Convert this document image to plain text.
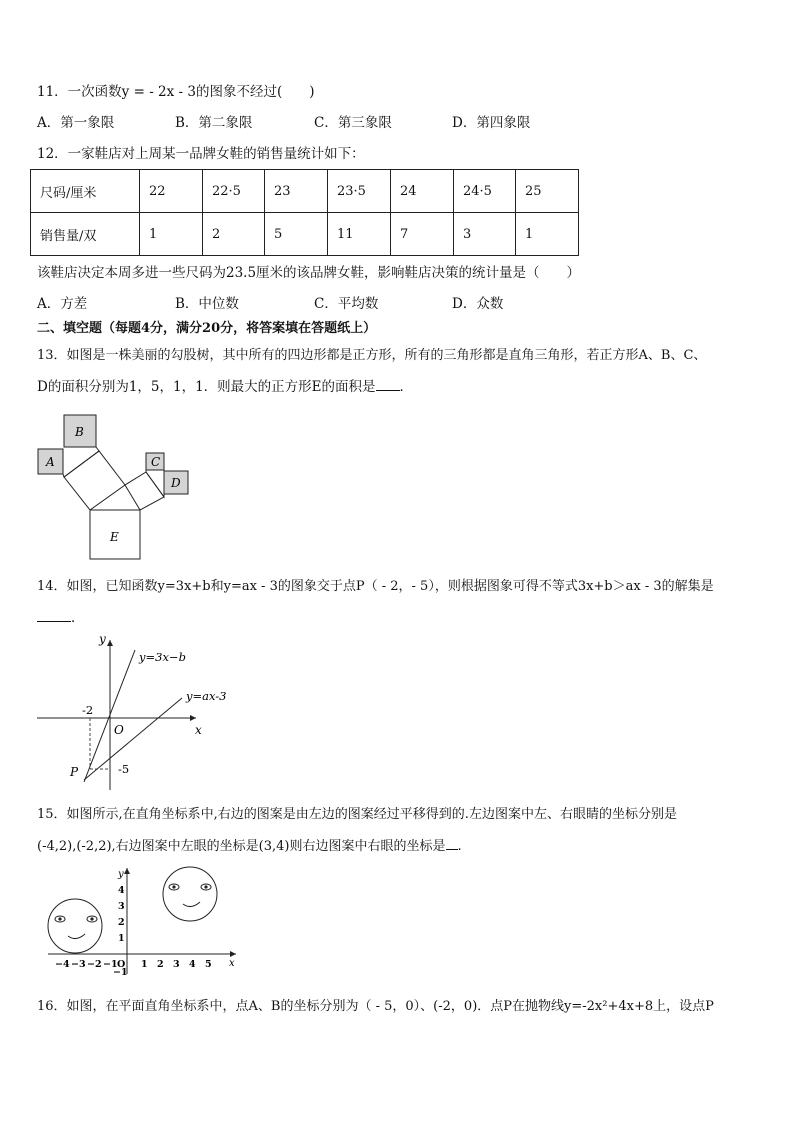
11．一次函数y = - 2x - 3的图象不经过(　　)
A．第一象限	B．第二象限	C．第三象限	D．第四象限
12．一家鞋店对上周某一品牌女鞋的销售量统计如下：
尺码/厘米	22	22·5	23	23·5	24	24·5	25
销售量/双	1	2	5	11	7	3	1
该鞋店决定本周多进一些尺码为23.5厘米的该品牌女鞋，影响鞋店决策的统计量是（　　）
A．方差	B．中位数	C．平均数	D．众数
二、填空题（每题4分，满分20分，将答案填在答题纸上）
13．如图是一株美丽的勾股树，其中所有的四边形都是正方形，所有的三角形都是直角三角形，若正方形A、B、C、
D的面积分别为1，5，1，1．则最大的正方形E的面积是 ．
E
A
B
C
D
14．如图，已知函数y=3x+b和y=ax - 3的图象交于点P（ - 2，- 5），则根据图象可得不等式3x+b＞ax - 3的解集是
．
x
y
O
y=3x−b
y=ax-3
-2
-5
P
15．如图所示,在直角坐标系中,右边的图案是由左边的图案经过平移得到的.左边图案中左、右眼睛的坐标分别是
(-4,2),(-2,2),右边图案中左眼的坐标是(3,4)则右边图案中右眼的坐标是 .
x
y
−4 −3 −2 −1 O 1 2 3 4 5
4
3
2
1
−1
16．如图，在平面直角坐标系中，点A、B的坐标分别为（ - 5，0）、(-2，0)．点P在抛物线y=-2x²+4x+8上，设点P
